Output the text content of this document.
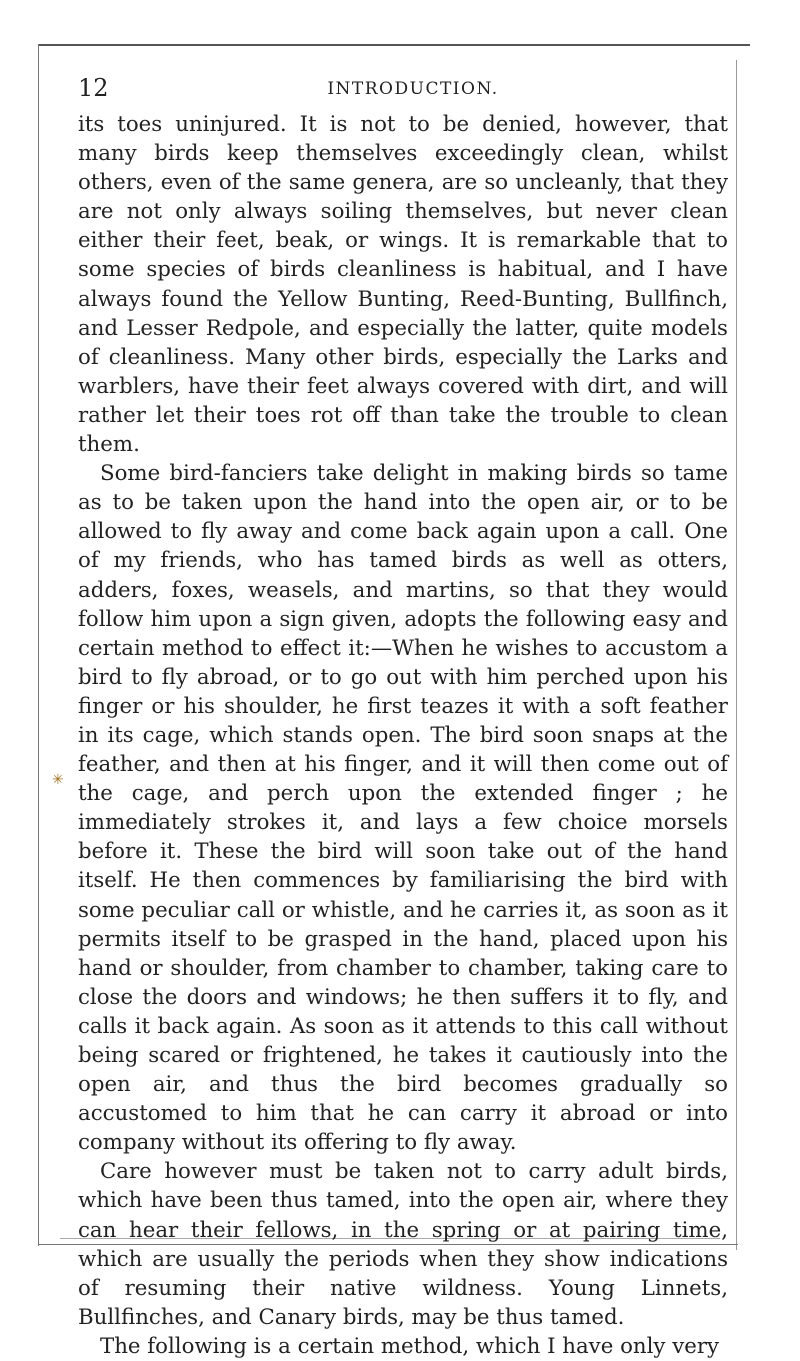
✳
12	INTRODUCTION.

its toes uninjured. It is not to be denied, however, that many birds keep themselves exceedingly clean, whilst others, even of the same genera, are so uncleanly, that they are not only always soiling themselves, but never clean either their feet, beak, or wings. It is remarkable that to some species of birds cleanliness is habitual, and I have always found the Yellow Bunting, Reed-Bunting, Bullfinch, and Lesser Redpole, and especially the latter, quite models of cleanliness. Many other birds, especially the Larks and warblers, have their feet always covered with dirt, and will rather let their toes rot off than take the trouble to clean them.

Some bird-fanciers take delight in making birds so tame as to be taken upon the hand into the open air, or to be allowed to fly away and come back again upon a call. One of my friends, who has tamed birds as well as otters, adders, foxes, weasels, and martins, so that they would follow him upon a sign given, adopts the following easy and certain method to effect it:—When he wishes to accustom a bird to fly abroad, or to go out with him perched upon his finger or his shoulder, he first teazes it with a soft feather in its cage, which stands open. The bird soon snaps at the feather, and then at his finger, and it will then come out of the cage, and perch upon the extended finger ; he immediately strokes it, and lays a few choice morsels before it. These the bird will soon take out of the hand itself. He then commences by familiarising the bird with some peculiar call or whistle, and he carries it, as soon as it permits itself to be grasped in the hand, placed upon his hand or shoulder, from chamber to chamber, taking care to close the doors and windows; he then suffers it to fly, and calls it back again. As soon as it attends to this call without being scared or frightened, he takes it cautiously into the open air, and thus the bird becomes gradually so accustomed to him that he can carry it abroad or into company without its offering to fly away.

Care however must be taken not to carry adult birds, which have been thus tamed, into the open air, where they can hear their fellows, in the spring or at pairing time, which are usually the periods when they show indications of resuming their native wildness. Young Linnets, Bullfinches, and Canary birds, may be thus tamed.

The following is a certain method, which I have only very
